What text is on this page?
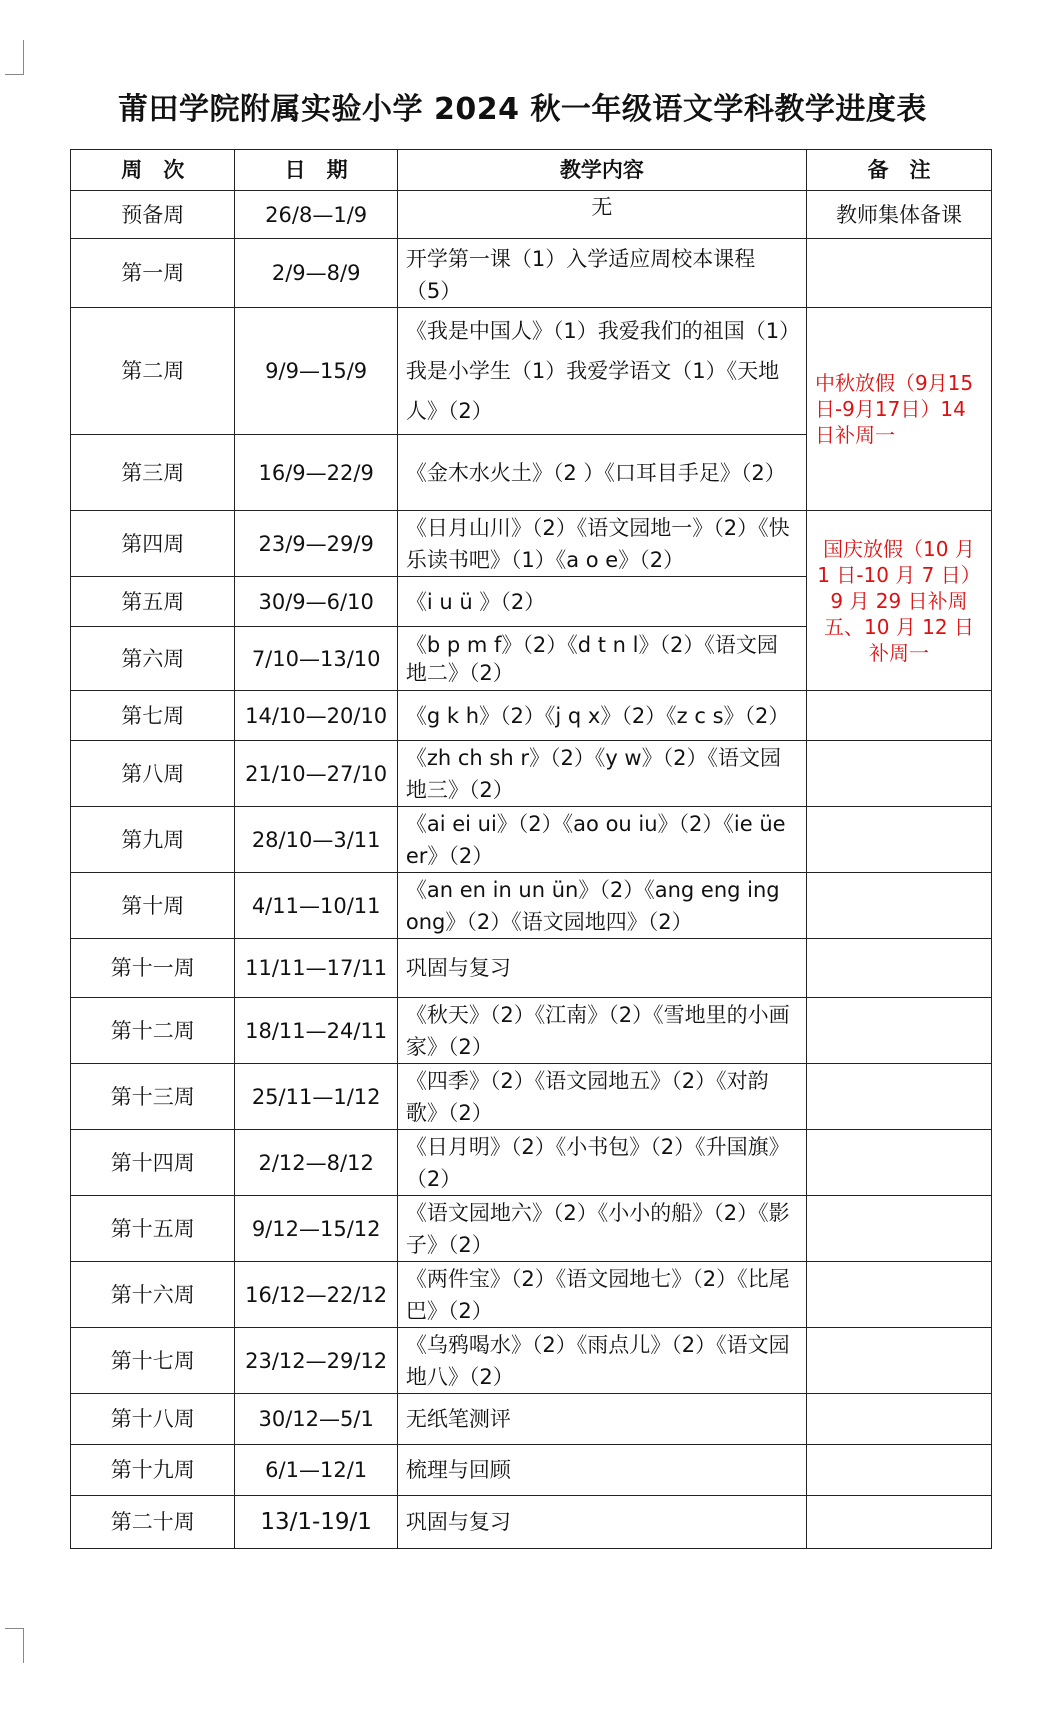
莆田学院附属实验小学 2024 秋一年级语文学科教学进度表
周　次	日　期	教学内容	备　注
预备周	26/8—1/9	无	教师集体备课
第一周	2/9—8/9	开学第一课（1）入学适应周校本课程（5）	
第二周	9/9—15/9	《我是中国人》（1）我爱我们的祖国（1）我是小学生（1）我爱学语文（1）《天地人》（2）	中秋放假（9月15日-9月17日）14日补周一
第三周	16/9—22/9	《金木水火土》（2 ）《口耳目手足》（2）	
第四周	23/9—29/9	《日月山川》（2）《语文园地一》（2）《快乐读书吧》（1）《a o e》（2）	国庆放假（10 月 1 日-10 月 7 日）9 月 29 日补周五、10 月 12 日补周一
第五周	30/9—6/10	《i u ü 》（2）	
第六周	7/10—13/10	《b p m f》（2）《d t n l》（2）《语文园地二》（2）	
第七周	14/10—20/10	《g k h》（2）《j q x》（2）《z c s》（2）	
第八周	21/10—27/10	《zh ch sh r》（2）《y w》（2）《语文园地三》（2）	
第九周	28/10—3/11	《ai ei ui》（2）《ao ou iu》（2）《ie üe er》（2）	
第十周	4/11—10/11	《an en in un ün》（2）《ang eng ing ong》（2）《语文园地四》（2）	
第十一周	11/11—17/11	巩固与复习	
第十二周	18/11—24/11	《秋天》（2）《江南》（2）《雪地里的小画家》（2）	
第十三周	25/11—1/12	《四季》（2）《语文园地五》（2）《对韵歌》（2）	
第十四周	2/12—8/12	《日月明》（2）《小书包》（2）《升国旗》（2）	
第十五周	9/12—15/12	《语文园地六》（2）《小小的船》（2）《影子》（2）	
第十六周	16/12—22/12	《两件宝》（2）《语文园地七》（2）《比尾巴》（2）	
第十七周	23/12—29/12	《乌鸦喝水》（2）《雨点儿》（2）《语文园地八》（2）	
第十八周	30/12—5/1	无纸笔测评	
第十九周	6/1—12/1	梳理与回顾	
第二十周	13/1-19/1	巩固与复习	
